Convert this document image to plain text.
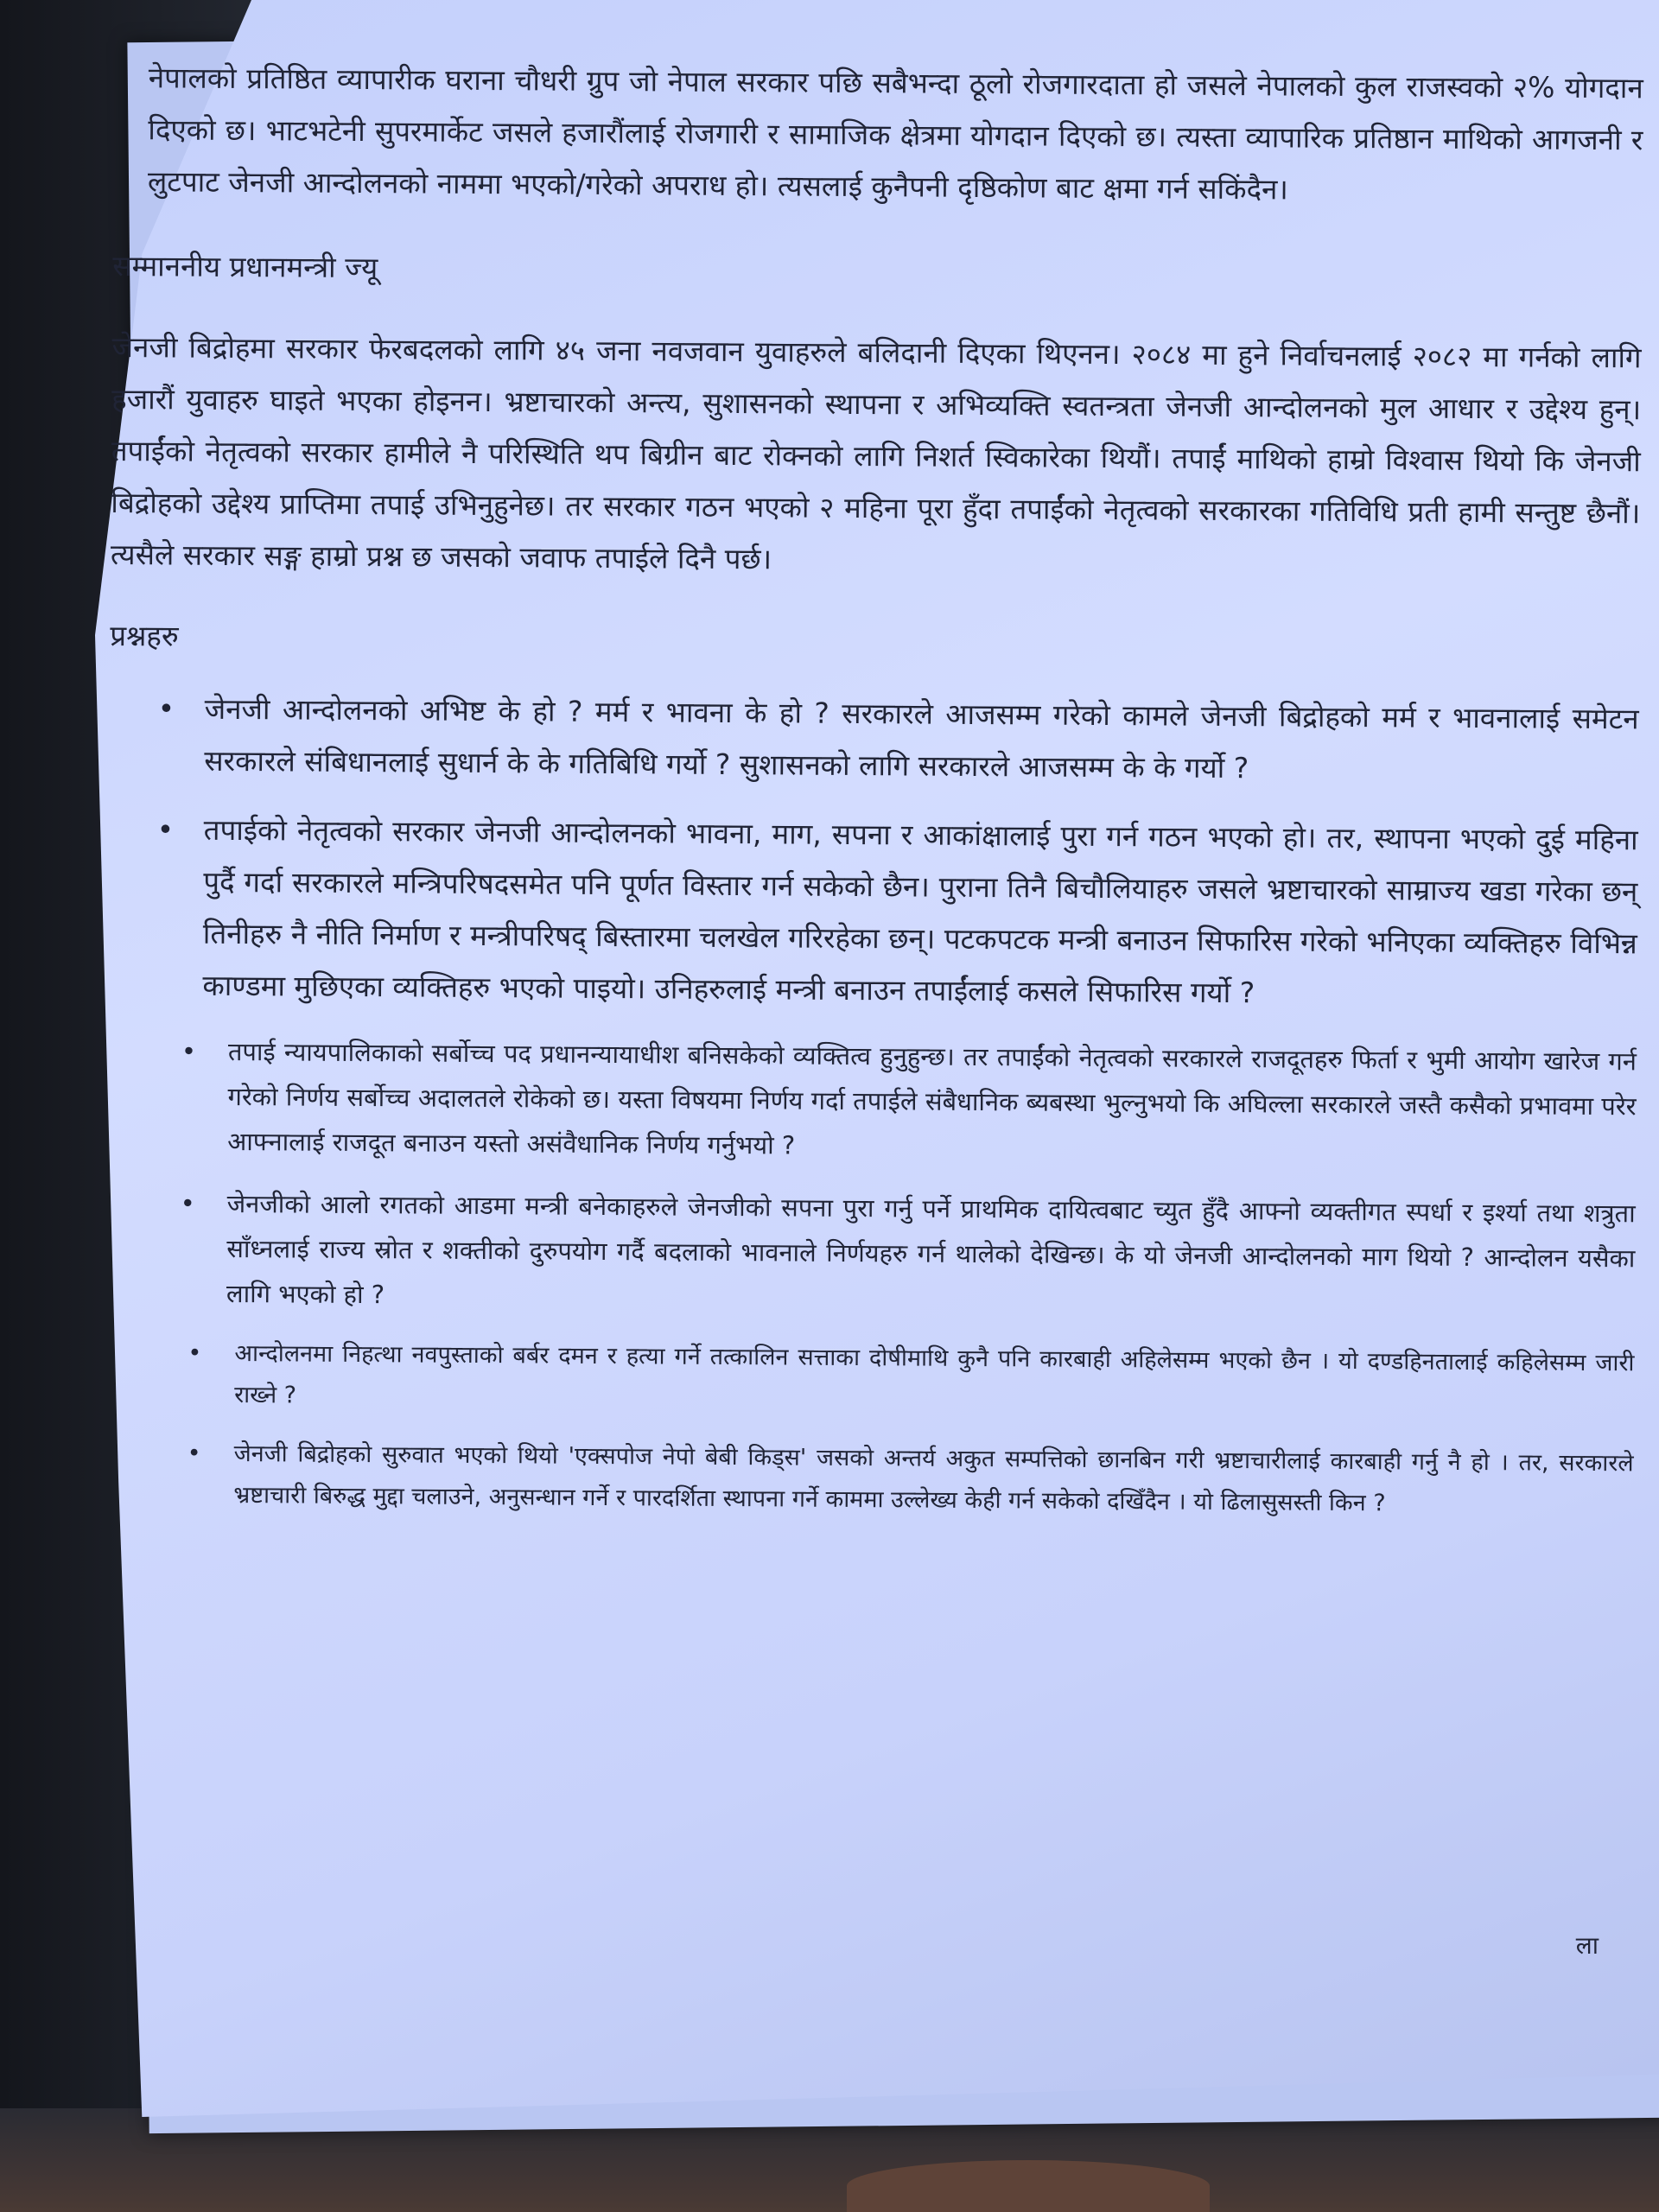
नेपालको प्रतिष्ठित व्यापारीक घराना चौधरी ग्रुप जो नेपाल सरकार पछि सबैभन्दा ठूलो रोजगारदाता हो जसले नेपालको कुल राजस्वको २% योगदान दिएको छ। भाटभटेनी सुपरमार्केट जसले हजारौंलाई रोजगारी र सामाजिक क्षेत्रमा योगदान दिएको छ। त्यस्ता व्यापारिक प्रतिष्ठान माथिको आगजनी र लुटपाट जेनजी आन्दोलनको नाममा भएको/गरेको अपराध हो। त्यसलाई कुनैपनी दृष्ठिकोण बाट क्षमा गर्न सकिंदैन।

सम्माननीय प्रधानमन्त्री ज्यू

जेनजी बिद्रोहमा सरकार फेरबदलको लागि ४५ जना नवजवान युवाहरुले बलिदानी दिएका थिएनन। २०८४ मा हुने निर्वाचनलाई २०८२ मा गर्नको लागि हजारौं युवाहरु घाइते भएका होइनन। भ्रष्टाचारको अन्त्य, सुशासनको स्थापना र अभिव्यक्ति स्वतन्त्रता जेनजी आन्दोलनको मुल आधार र उद्देश्य हुन्। तपाईंको नेतृत्वको सरकार हामीले नै परिस्थिति थप बिग्रीन बाट रोक्नको लागि निशर्त स्विकारेका थियौं। तपाईं माथिको हाम्रो विश्वास थियो कि जेनजी बिद्रोहको उद्देश्य प्राप्तिमा तपाई उभिनुहुनेछ। तर सरकार गठन भएको २ महिना पूरा हुँदा तपाईंको नेतृत्वको सरकारका गतिविधि प्रती हामी सन्तुष्ट छैनौं। त्यसैले सरकार सङ्ग हाम्रो प्रश्न छ जसको जवाफ तपाईले दिनै पर्छ।

प्रश्नहरु

• जेनजी आन्दोलनको अभिष्ट के हो ? मर्म र भावना के हो ? सरकारले आजसम्म गरेको कामले जेनजी बिद्रोहको मर्म र भावनालाई समेटन सरकारले संबिधानलाई सुधार्न के के गतिबिधि गर्यो ? सुशासनको लागि सरकारले आजसम्म के के गर्यो ?
• तपाईको नेतृत्वको सरकार जेनजी आन्दोलनको भावना, माग, सपना र आकांक्षालाई पुरा गर्न गठन भएको हो। तर, स्थापना भएको दुई महिना पुर्दै गर्दा सरकारले मन्त्रिपरिषदसमेत पनि पूर्णत विस्तार गर्न सकेको छैन। पुराना तिनै बिचौलियाहरु जसले भ्रष्टाचारको साम्राज्य खडा गरेका छन् तिनीहरु नै नीति निर्माण र मन्त्रीपरिषद् बिस्तारमा चलखेल गरिरहेका छन्। पटकपटक मन्त्री बनाउन सिफारिस गरेको भनिएका व्यक्तिहरु विभिन्न काण्डमा मुछिएका व्यक्तिहरु भएको पाइयो। उनिहरुलाई मन्त्री बनाउन तपाईंलाई कसले सिफारिस गर्यो ?
• तपाई न्यायपालिकाको सर्बोच्च पद प्रधानन्यायाधीश बनिसकेको व्यक्तित्व हुनुहुन्छ। तर तपाईंको नेतृत्वको सरकारले राजदूतहरु फिर्ता र भुमी आयोग खारेज गर्न गरेको निर्णय सर्बोच्च अदालतले रोकेको छ। यस्ता विषयमा निर्णय गर्दा तपाईले संबैधानिक ब्यबस्था भुल्नुभयो कि अघिल्ला सरकारले जस्तै कसैको प्रभावमा परेर आफ्नालाई राजदूत बनाउन यस्तो असंवैधानिक निर्णय गर्नुभयो ?
• जेनजीको आलो रगतको आडमा मन्त्री बनेकाहरुले जेनजीको सपना पुरा गर्नु पर्ने प्राथमिक दायित्वबाट च्युत हुँदै आफ्नो व्यक्तीगत स्पर्धा र इर्श्या तथा शत्रुता साँध्नलाई राज्य स्रोत र शक्तीको दुरुपयोग गर्दै बदलाको भावनाले निर्णयहरु गर्न थालेको देखिन्छ। के यो जेनजी आन्दोलनको माग थियो ? आन्दोलन यसैका लागि भएको हो ?
• आन्दोलनमा निहत्था नवपुस्ताको बर्बर दमन र हत्या गर्ने तत्कालिन सत्ताका दोषीमाथि कुनै पनि कारबाही अहिलेसम्म भएको छैन । यो दण्डहिनतालाई कहिलेसम्म जारी राख्ने ?
• जेनजी बिद्रोहको सुरुवात भएको थियो 'एक्सपोज नेपो बेबी किड्स' जसको अन्तर्य अकुत सम्पत्तिको छानबिन गरी भ्रष्टाचारीलाई कारबाही गर्नु नै हो । तर, सरकारले भ्रष्टाचारी बिरुद्ध मुद्दा चलाउने, अनुसन्धान गर्ने र पारदर्शिता स्थापना गर्ने काममा उल्लेख्य केही गर्न सकेको दखिँदैन । यो ढिलासुसस्ती किन ?
ला
